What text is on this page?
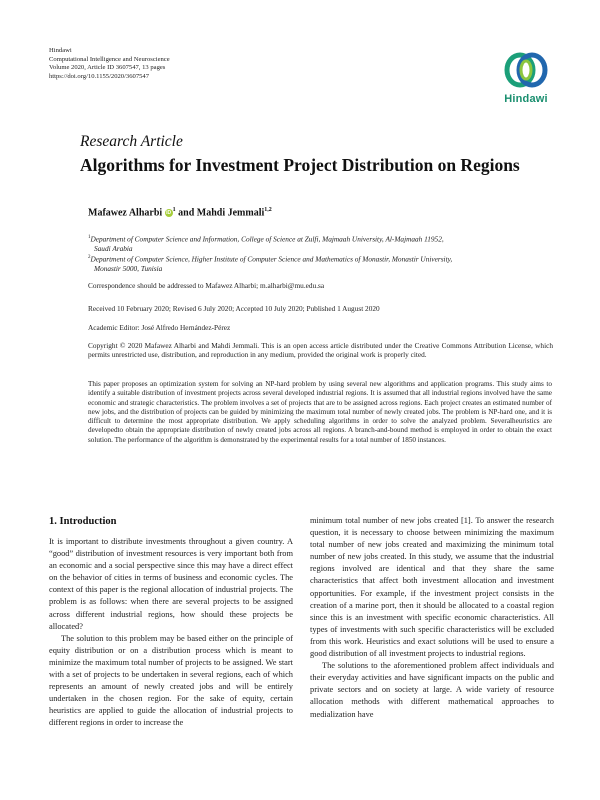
Hindawi
Computational Intelligence and Neuroscience
Volume 2020, Article ID 3607547, 13 pages
https://doi.org/10.1155/2020/3607547
Hindawi
Research Article
Algorithms for Investment Project Distribution on Regions
Mafawez Alharbi $iD^1$ and Mahdi Jemmali$^{1,2}$
$^1$Department of Computer Science and Information, College of Science at Zulfi, Majmaah University, Al-Majmaah 11952,
Saudi Arabia
$^2$Department of Computer Science, Higher Institute of Computer Science and Mathematics of Monastir, Monastir University,
Monastir 5000, Tunisia
Correspondence should be addressed to Mafawez Alharbi; m.alharbi@mu.edu.sa
Received 10 February 2020; Revised 6 July 2020; Accepted 10 July 2020; Published 1 August 2020
Academic Editor: José Alfredo Hernández-Pérez
Copyright © 2020 Mafawez Alharbi and Mahdi Jemmali. This is an open access article distributed under the Creative Commons Attribution License, which permits unrestricted use, distribution, and reproduction in any medium, provided the original work is properly cited.
This paper proposes an optimization system for solving an NP-hard problem by using several new algorithms and application programs. This study aims to identify a suitable distribution of investment projects across several developed industrial regions. It is assumed that all industrial regions involved have the same economic and strategic characteristics. The problem involves a set of projects that are to be assigned across regions. Each project creates an estimated number of new jobs, and the distribution of projects can be guided by minimizing the maximum total number of newly created jobs. The problem is NP-hard one, and it is difficult to determine the most appropriate distribution. We apply scheduling algorithms in order to solve the analyzed problem. Severalheuristics are developedto obtain the appropriate distribution of newly created jobs across all regions. A branch-and-bound method is employed in order to obtain the exact solution. The performance of the algorithm is demonstrated by the experimental results for a total number of 1850 instances.
1. Introduction

It is important to distribute investments throughout a given country. A “good” distribution of investment resources is very important both from an economic and a social perspective since this may have a direct effect on the behavior of cities in terms of business and economic cycles. The context of this paper is the regional allocation of industrial projects. The problem is as follows: when there are several projects to be assigned across different industrial regions, how should these projects be allocated?

The solution to this problem may be based either on the principle of equity distribution or on a distribution process which is meant to minimize the maximum total number of projects to be assigned. We start with a set of projects to be undertaken in several regions, each of which represents an amount of newly created jobs and will be entirely undertaken in the chosen region. For the sake of equity, certain heuristics are applied to guide the allocation of industrial projects to different regions in order to increase the

minimum total number of new jobs created [1]. To answer the research question, it is necessary to choose between minimizing the maximum total number of new jobs created and maximizing the minimum total number of new jobs created. In this study, we assume that the industrial regions involved are identical and that they share the same characteristics that affect both investment allocation and investment opportunities. For example, if the investment project consists in the creation of a marine port, then it should be allocated to a coastal region since this is an investment with specific economic characteristics. All types of investments with such specific characteristics will be excluded from this work. Heuristics and exact solutions will be used to ensure a good distribution of all investment projects to industrial regions.

The solutions to the aforementioned problem affect individuals and their everyday activities and have significant impacts on the public and private sectors and on society at large. A wide variety of resource allocation methods with different mathematical approaches to medialization have
